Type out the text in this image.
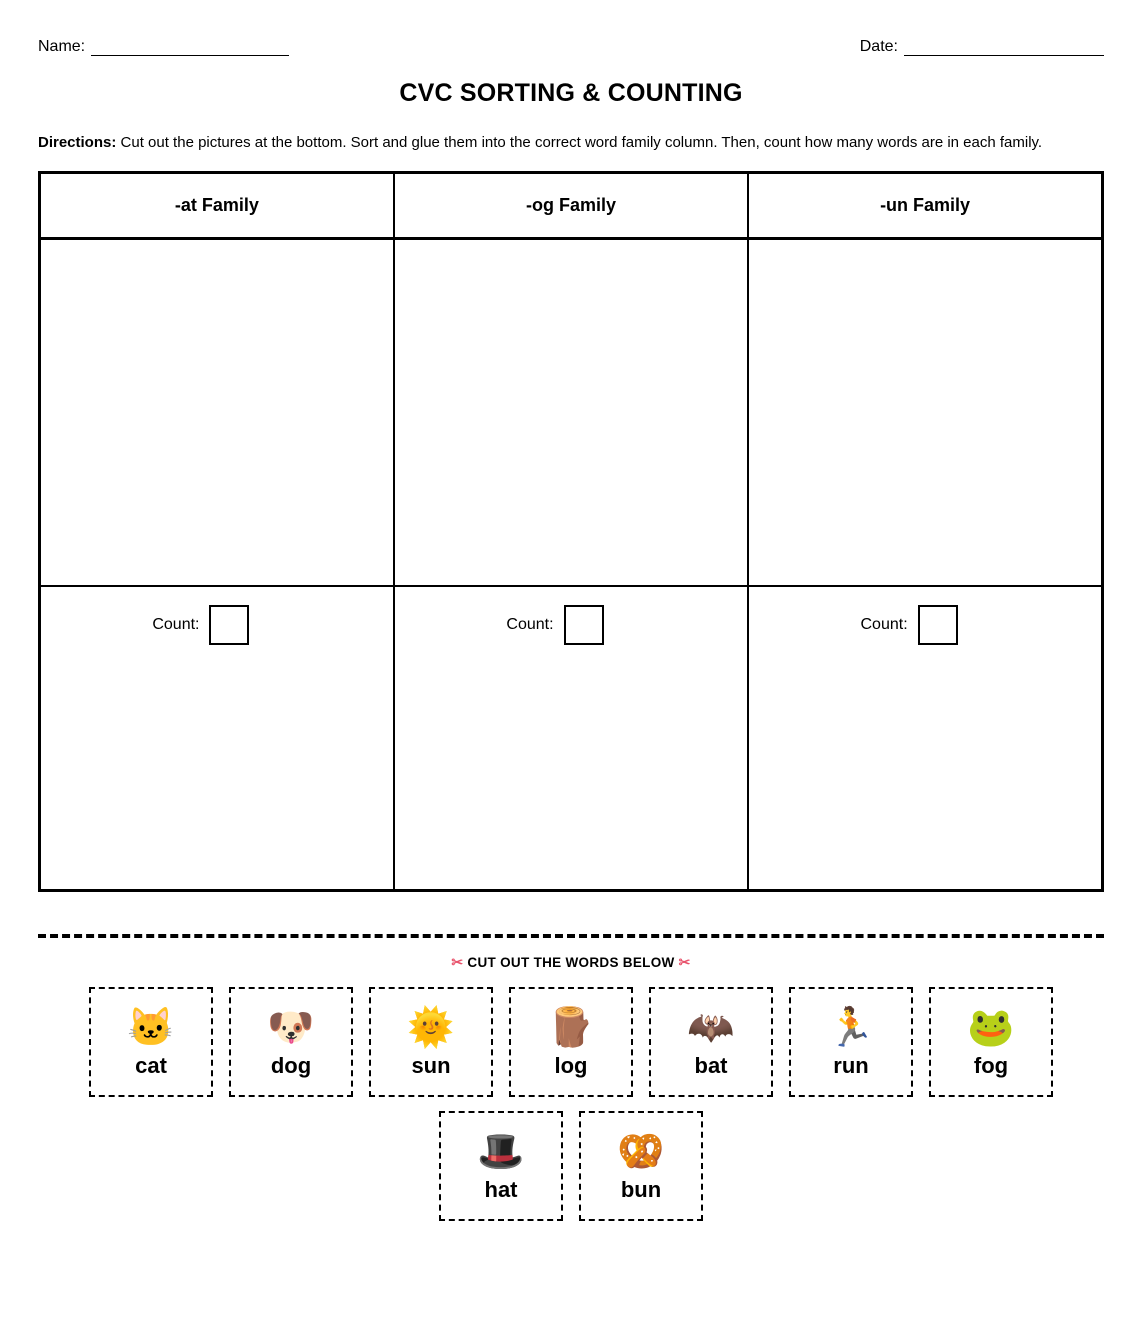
Name:	Date:
CVC SORTING & COUNTING
Directions: Cut out the pictures at the bottom. Sort and glue them into the correct word family column. Then, count how many words are in each family.
-at Family	-og Family	-un Family

Count:	Count:	Count:
✂ CUT OUT THE WORDS BELOW ✂
🐱
cat
🐶
dog
🌞
sun
🪵
log
🦇
bat
🏃
run
🐸
fog
🎩
hat
🥨
bun
